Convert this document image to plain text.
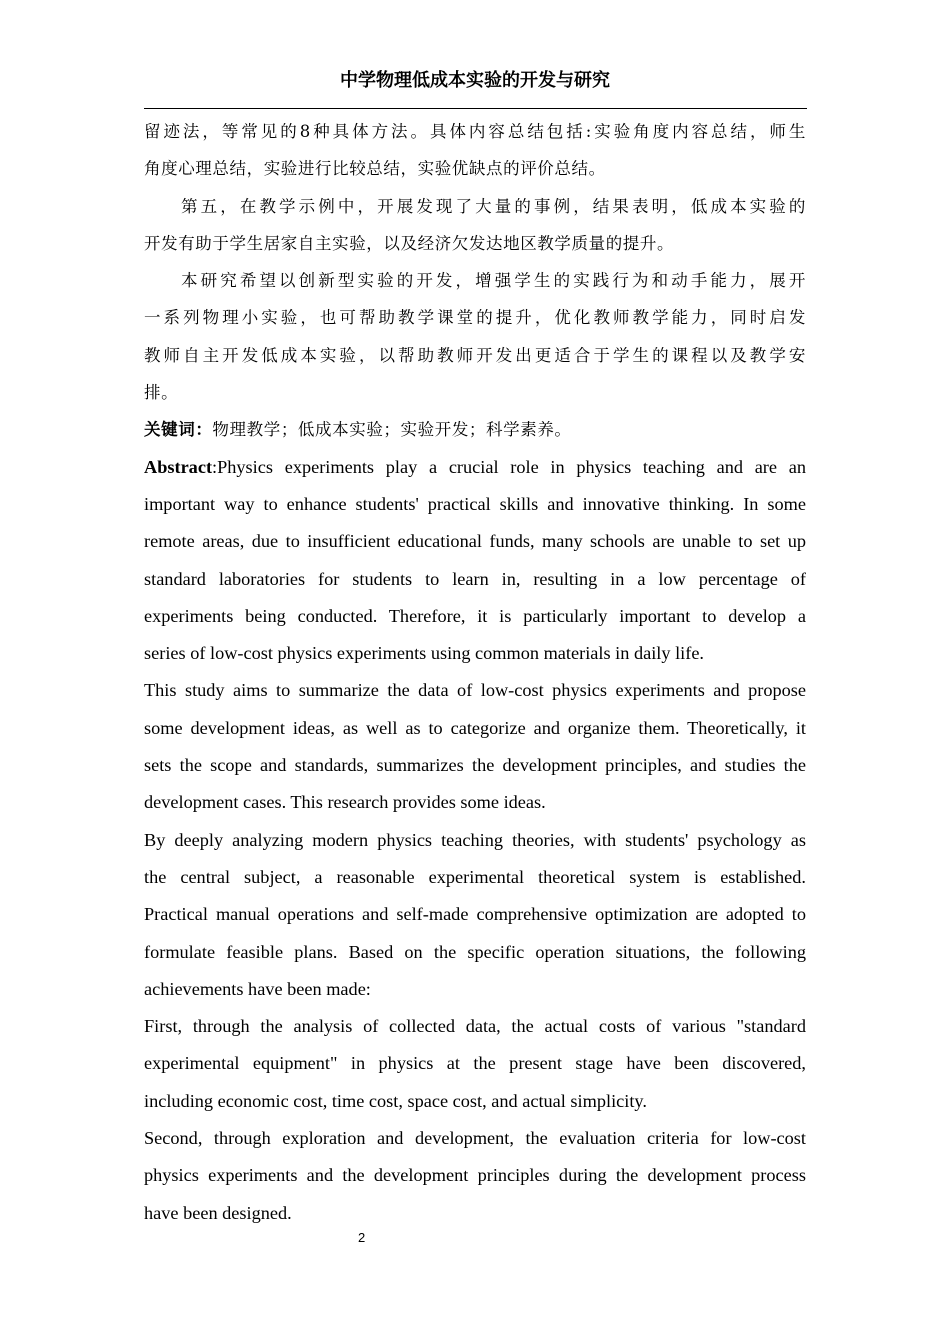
中学物理低成本实验的开发与研究
留迹法，等常见的8种具体方法。具体内容总结包括:实验角度内容总结，师生
角度心理总结，实验进行比较总结，实验优缺点的评价总结。
第五，在教学示例中，开展发现了大量的事例，结果表明，低成本实验的
开发有助于学生居家自主实验，以及经济欠发达地区教学质量的提升。
本研究希望以创新型实验的开发，增强学生的实践行为和动手能力，展开
一系列物理小实验，也可帮助教学课堂的提升，优化教师教学能力，同时启发
教师自主开发低成本实验，以帮助教师开发出更适合于学生的课程以及教学安
排。
关键词：物理教学；低成本实验；实验开发；科学素养。
Abstract:Physics experiments play a crucial role in physics teaching and are an
important way to enhance students' practical skills and innovative thinking. In some
remote areas, due to insufficient educational funds, many schools are unable to set up
standard laboratories for students to learn in, resulting in a low percentage of
experiments being conducted. Therefore, it is particularly important to develop a
series of low-cost physics experiments using common materials in daily life.
This study aims to summarize the data of low-cost physics experiments and propose
some development ideas, as well as to categorize and organize them. Theoretically, it
sets the scope and standards, summarizes the development principles, and studies the
development cases. This research provides some ideas.
By deeply analyzing modern physics teaching theories, with students' psychology as
the central subject, a reasonable experimental theoretical system is established.
Practical manual operations and self-made comprehensive optimization are adopted to
formulate feasible plans. Based on the specific operation situations, the following
achievements have been made:
First, through the analysis of collected data, the actual costs of various "standard
experimental equipment" in physics at the present stage have been discovered,
including economic cost, time cost, space cost, and actual simplicity.
Second, through exploration and development, the evaluation criteria for low-cost
physics experiments and the development principles during the development process
have been designed.
2
